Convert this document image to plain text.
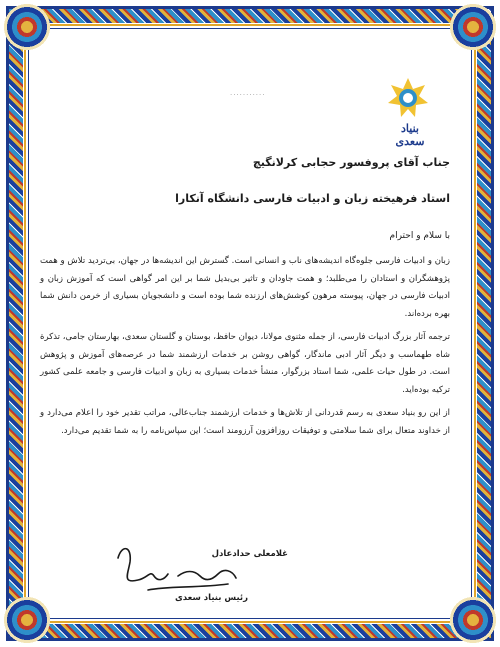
...........
بنیاد سعدی
جناب آقای پروفسور حجابی کرلانگیچ
استاد فرهیخته زبان و ادبیات فارسی دانشگاه آنکارا
با سلام و احترام

زبان و ادبیات فارسی جلوه‌گاه اندیشه‌های ناب و انسانی است. گسترش این اندیشه‌ها در جهان، بی‌تردید تلاش و همت پژوهشگران و استادان را می‌طلبد؛ و همت جاودان و تاثیر بی‌بدیل شما بر این امر گواهی است که آموزش زبان و ادبیات فارسی در جهان، پیوسته مرهون کوشش‌های ارزنده شما بوده است و دانشجویان بسیاری از خرمن دانش شما بهره برده‌اند.

ترجمه آثار بزرگ ادبیات فارسی، از جمله مثنوی مولانا، دیوان حافظ، بوستان و گلستان سعدی، بهارستان جامی، تذکرة شاه طهماسب و دیگر آثار ادبی ماندگار، گواهی روشن بر خدمات ارزشمند شما در عرصه‌های آموزش و پژوهش است. در طول حیات علمی، شما استاد بزرگوار، منشأ خدمات بسیاری به زبان و ادبیات فارسی و جامعه علمی کشور ترکیه بوده‌اید.

از این رو بنیاد سعدی به رسم قدردانی از تلاش‌ها و خدمات ارزشمند جناب‌عالی، مراتب تقدیر خود را اعلام می‌دارد و از خداوند متعال برای شما سلامتی و توفیقات روزافزون آرزومند است؛ این سپاس‌نامه را به شما تقدیم می‌دارد.

غلامعلی حدادعادل
رئیس بنیاد سعدی
